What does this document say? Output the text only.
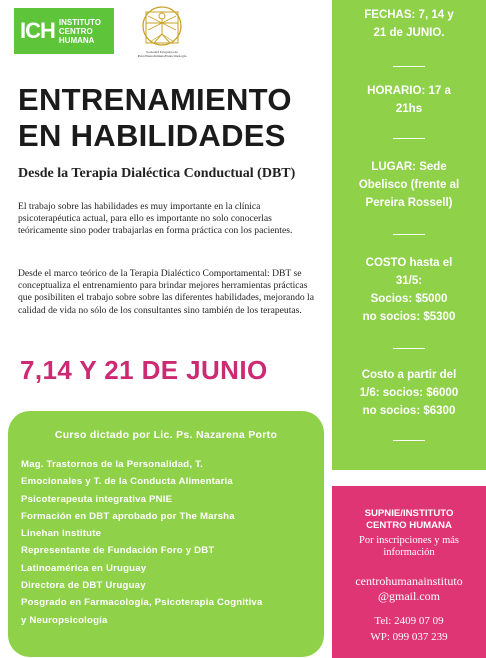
ICH INSTITUTO
CENTRO
HUMANA
Sociedad Uruguaya de PsicoNeuroInmunoEndocrinología
ENTRENAMIENTO
EN HABILIDADES
Desde la Terapia Dialéctica Conductual (DBT)

El trabajo sobre las habilidades es muy importante en la clínica psicoterapéutica actual, para ello es importante no solo conocerlas teóricamente sino poder trabajarlas en forma práctica con los pacientes.

Desde el marco teórico de la Terapia Dialéctico Comportamental: DBT se conceptualiza el entrenamiento para brindar mejores herramientas prácticas que posibiliten el trabajo sobre sobre las diferentes habilidades, mejorando la calidad de vida no sólo de los consultantes sino también de los terapeutas.

7,14 Y 21 DE JUNIO
Curso dictado por Lic. Ps. Nazarena Porto
Mag. Trastornos de la Personalidad, T.
Emocionales y T. de la Conducta Alimentaria
Psicoterapeuta integrativa PNIE
Formación en DBT aprobado por The Marsha
Linehan Institute
Representante de Fundación Foro y DBT
Latinoamérica en Uruguay
Directora de DBT Uruguay
Posgrado en Farmacología, Psicoterapia Cognitiva
y Neuropsicología
FECHAS: 7, 14 y
21 de JUNIO.
HORARIO: 17 a
21hs
LUGAR: Sede
Obelisco (frente al
Pereira Rossell)
COSTO hasta el
31/5:
Socios: $5000
no socios: $5300
Costo a partir del
1/6: socios: $6000
no socios: $6300
SUPNIE/INSTITUTO
CENTRO HUMANA
Por inscripciones y más
información
centrohumanainstituto
@gmail.com
Tel: 2409 07 09
WP: 099 037 239
